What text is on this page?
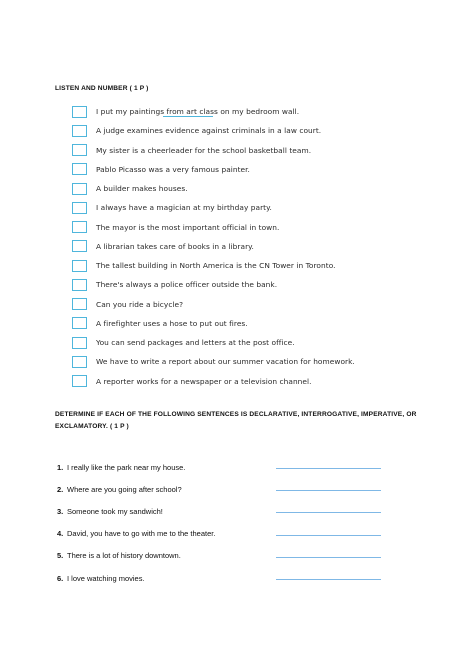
LISTEN AND NUMBER ( 1 P )
I put my paintings from art class on my bedroom wall.
A judge examines evidence against criminals in a law court.
My sister is a cheerleader for the school basketball team.
Pablo Picasso was a very famous painter.
A builder makes houses.
I always have a magician at my birthday party.
The mayor is the most important official in town.
A librarian takes care of books in a library.
The tallest building in North America is the CN Tower in Toronto.
There's always a police officer outside the bank.
Can you ride a bicycle?
A firefighter uses a hose to put out fires.
You can send packages and letters at the post office.
We have to write a report about our summer vacation for homework.
A reporter works for a newspaper or a television channel.
DETERMINE IF EACH OF THE FOLLOWING SENTENCES IS DECLARATIVE, INTERROGATIVE, IMPERATIVE, OR EXCLAMATORY. ( 1 P )
1. I really like the park near my house.
2. Where are you going after school?
3. Someone took my sandwich!
4. David, you have to go with me to the theater.
5. There is a lot of history downtown.
6. I love watching movies.
